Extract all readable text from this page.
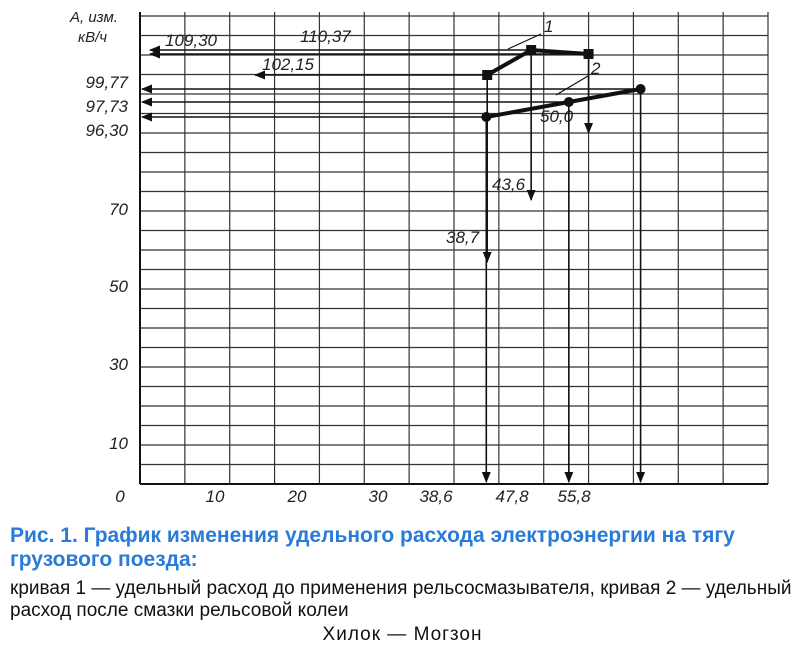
0	10	20	30 38,6	47,8 55,8
10
30
50
70
А, изм.
кВ/ч
96,30
97,73
99,77
102,15
110,37
109,30
38,7
43,6
50,0
1
2

Рис. 1. График изменения удельного расхода электроэнергии на тягу грузового поезда:

кривая 1 — удельный расход до применения рельсосмазывателя, кривая 2 — удельный расход после смазки рельсовой колеи

Хилок — Могзон
